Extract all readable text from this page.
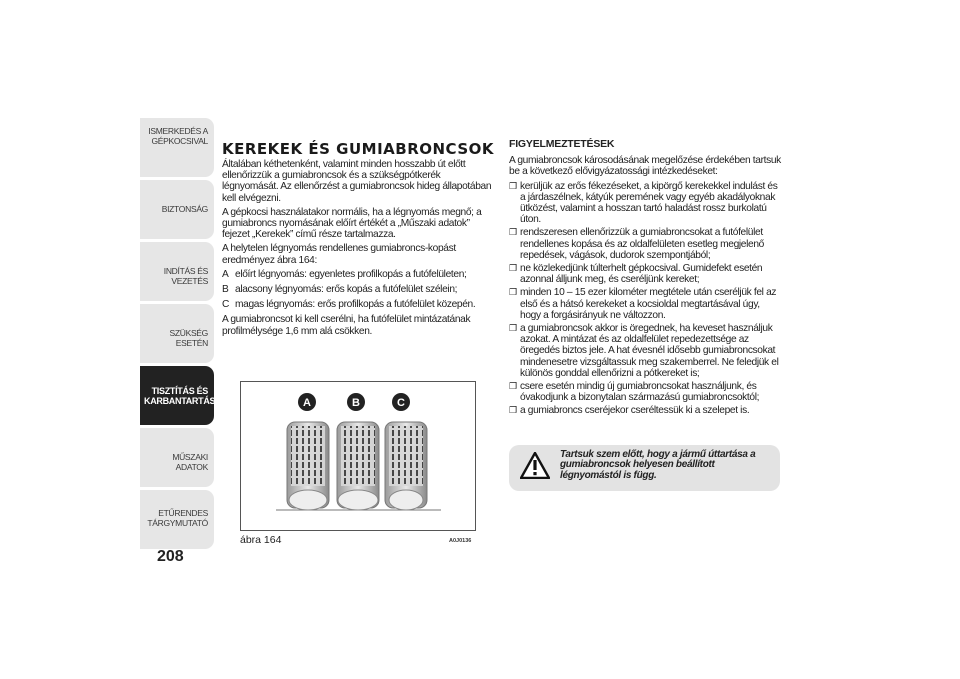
ISMERKEDÉS A GÉPKOCSIVAL
BIZTONSÁG
INDÍTÁS ÉS VEZETÉS
SZÜKSÉG ESETÉN
TISZTÍTÁS ÉS KARBANTARTÁS
MŰSZAKI ADATOK
ETŰRENDES TÁRGYMUTATÓ
208
KEREKEK ÉS GUMIABRONCSOK

Általában kéthetenként, valamint minden hosszabb út előtt ellenőrizzük a gumiabroncsok és a szükségpótkerék légnyomását. Az ellenőrzést a gumiabroncsok hideg állapotában kell elvégezni.

A gépkocsi használatakor normális, ha a légnyomás megnő; a gumiabroncs nyomásának előírt értékét a „Műszaki adatok” fejezet „Kerekek” című része tartalmazza.

A helytelen légnyomás rendellenes gumiabroncs-kopást eredményez ábra 164:

A előírt légnyomás: egyenletes profilkopás a futófelületen;
B alacsony légnyomás: erős kopás a futófelület szélein;
C magas légnyomás: erős profilkopás a futófelület közepén.

A gumiabroncsot ki kell cserélni, ha futófelület mintázatának profilmélysége 1,6 mm alá csökken.

A	B	C
ábra 164	A0J0136
FIGYELMEZTETÉSEK

A gumiabroncsok károsodásának megelőzése érdekében tartsuk be a következő elővigyázatossági intézkedéseket:

❒ kerüljük az erős fékezéseket, a kipörgő kerekekkel indulást és a járdaszélnek, kátyúk peremének vagy egyéb akadályoknak ütközést, valamint a hosszan tartó haladást rossz burkolatú úton.
❒ rendszeresen ellenőrizzük a gumiabroncsokat a futófelület rendellenes kopása és az oldalfelületen esetleg megjelenő repedések, vágások, dudorok szempontjából;
❒ ne közlekedjünk túlterhelt gépkocsival. Gumidefekt esetén azonnal álljunk meg, és cseréljünk kereket;
❒ minden 10 – 15 ezer kilométer megtétele után cseréljük fel az első és a hátsó kerekeket a kocsioldal megtartásával úgy, hogy a forgásirányuk ne változzon.
❒ a gumiabroncsok akkor is öregednek, ha keveset használjuk azokat. A mintázat és az oldalfelület repedezettsége az öregedés biztos jele. A hat évesnél idősebb gumiabroncsokat mindenesetre vizsgáltassuk meg szakemberrel. Ne feledjük el különös gonddal ellenőrizni a pótkereket is;
❒ csere esetén mindig új gumiabroncsokat használjunk, és óvakodjunk a bizonytalan származású gumiabroncsoktól;
❒ a gumiabroncs cseréjekor cseréltessük ki a szelepet is.
Tartsuk szem előtt, hogy a jármű úttartása a gumiabroncsok helyesen beállított légnyomástól is függ.
